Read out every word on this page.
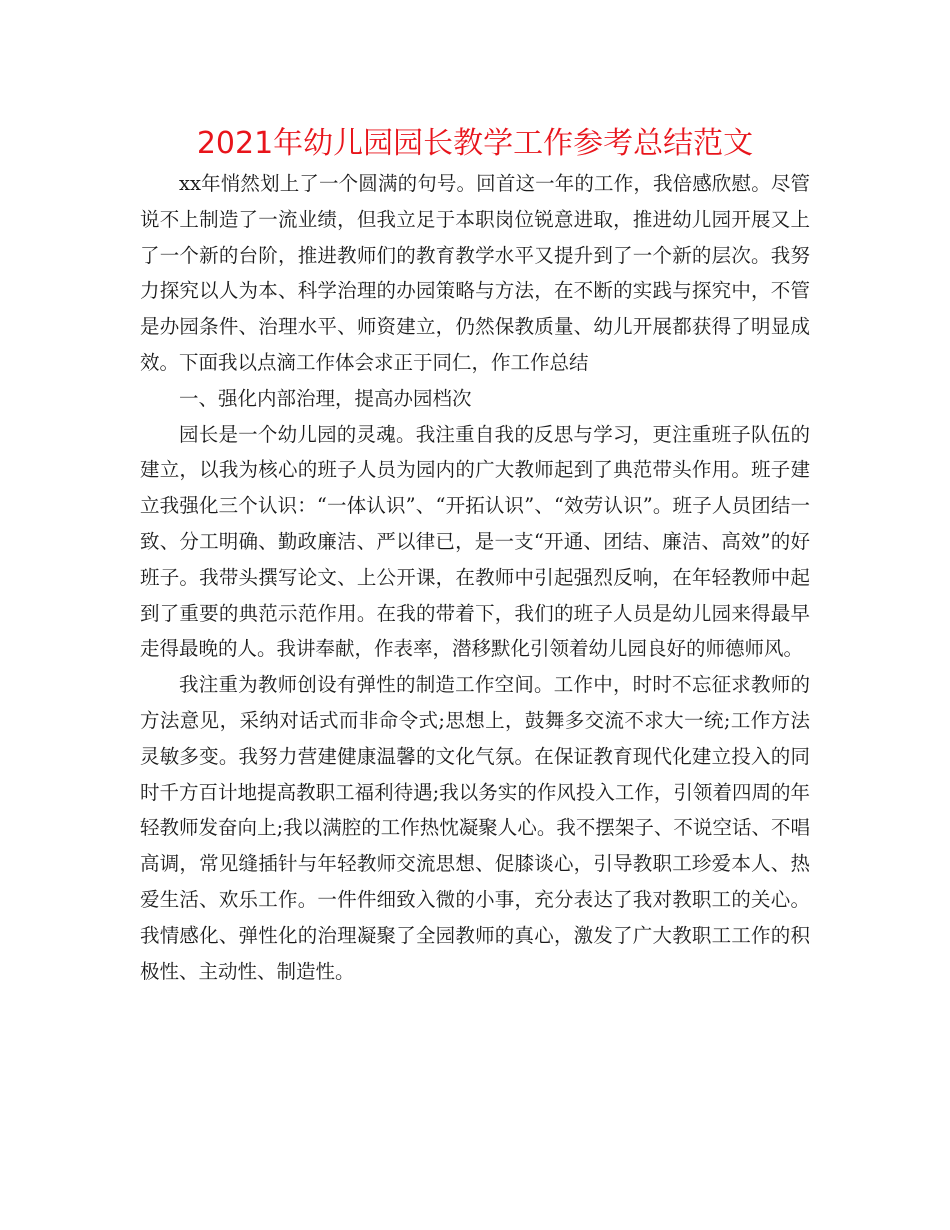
2021年幼儿园园长教学工作参考总结范文

xx年悄然划上了一个圆满的句号。回首这一年的工作，我倍感欣慰。尽管说不上制造了一流业绩，但我立足于本职岗位锐意进取，推进幼儿园开展又上了一个新的台阶，推进教师们的教育教学水平又提升到了一个新的层次。我努力探究以人为本、科学治理的办园策略与方法，在不断的实践与探究中，不管是办园条件、治理水平、师资建立，仍然保教质量、幼儿开展都获得了明显成效。下面我以点滴工作体会求正于同仁，作工作总结

一、强化内部治理，提高办园档次

园长是一个幼儿园的灵魂。我注重自我的反思与学习，更注重班子队伍的建立，以我为核心的班子人员为园内的广大教师起到了典范带头作用。班子建立我强化三个认识：“一体认识”、“开拓认识”、“效劳认识”。班子人员团结一致、分工明确、勤政廉洁、严以律已，是一支“开通、团结、廉洁、高效”的好班子。我带头撰写论文、上公开课，在教师中引起强烈反响，在年轻教师中起到了重要的典范示范作用。在我的带着下，我们的班子人员是幼儿园来得最早走得最晚的人。我讲奉献，作表率，潜移默化引领着幼儿园良好的师德师风。

我注重为教师创设有弹性的制造工作空间。工作中，时时不忘征求教师的方法意见，采纳对话式而非命令式;思想上，鼓舞多交流不求大一统;工作方法灵敏多变。我努力营建健康温馨的文化气氛。在保证教育现代化建立投入的同时千方百计地提高教职工福利待遇;我以务实的作风投入工作，引领着四周的年轻教师发奋向上;我以满腔的工作热忱凝聚人心。我不摆架子、不说空话、不唱高调，常见缝插针与年轻教师交流思想、促膝谈心，引导教职工珍爱本人、热爱生活、欢乐工作。一件件细致入微的小事，充分表达了我对教职工的关心。我情感化、弹性化的治理凝聚了全园教师的真心，激发了广大教职工工作的积极性、主动性、制造性。
